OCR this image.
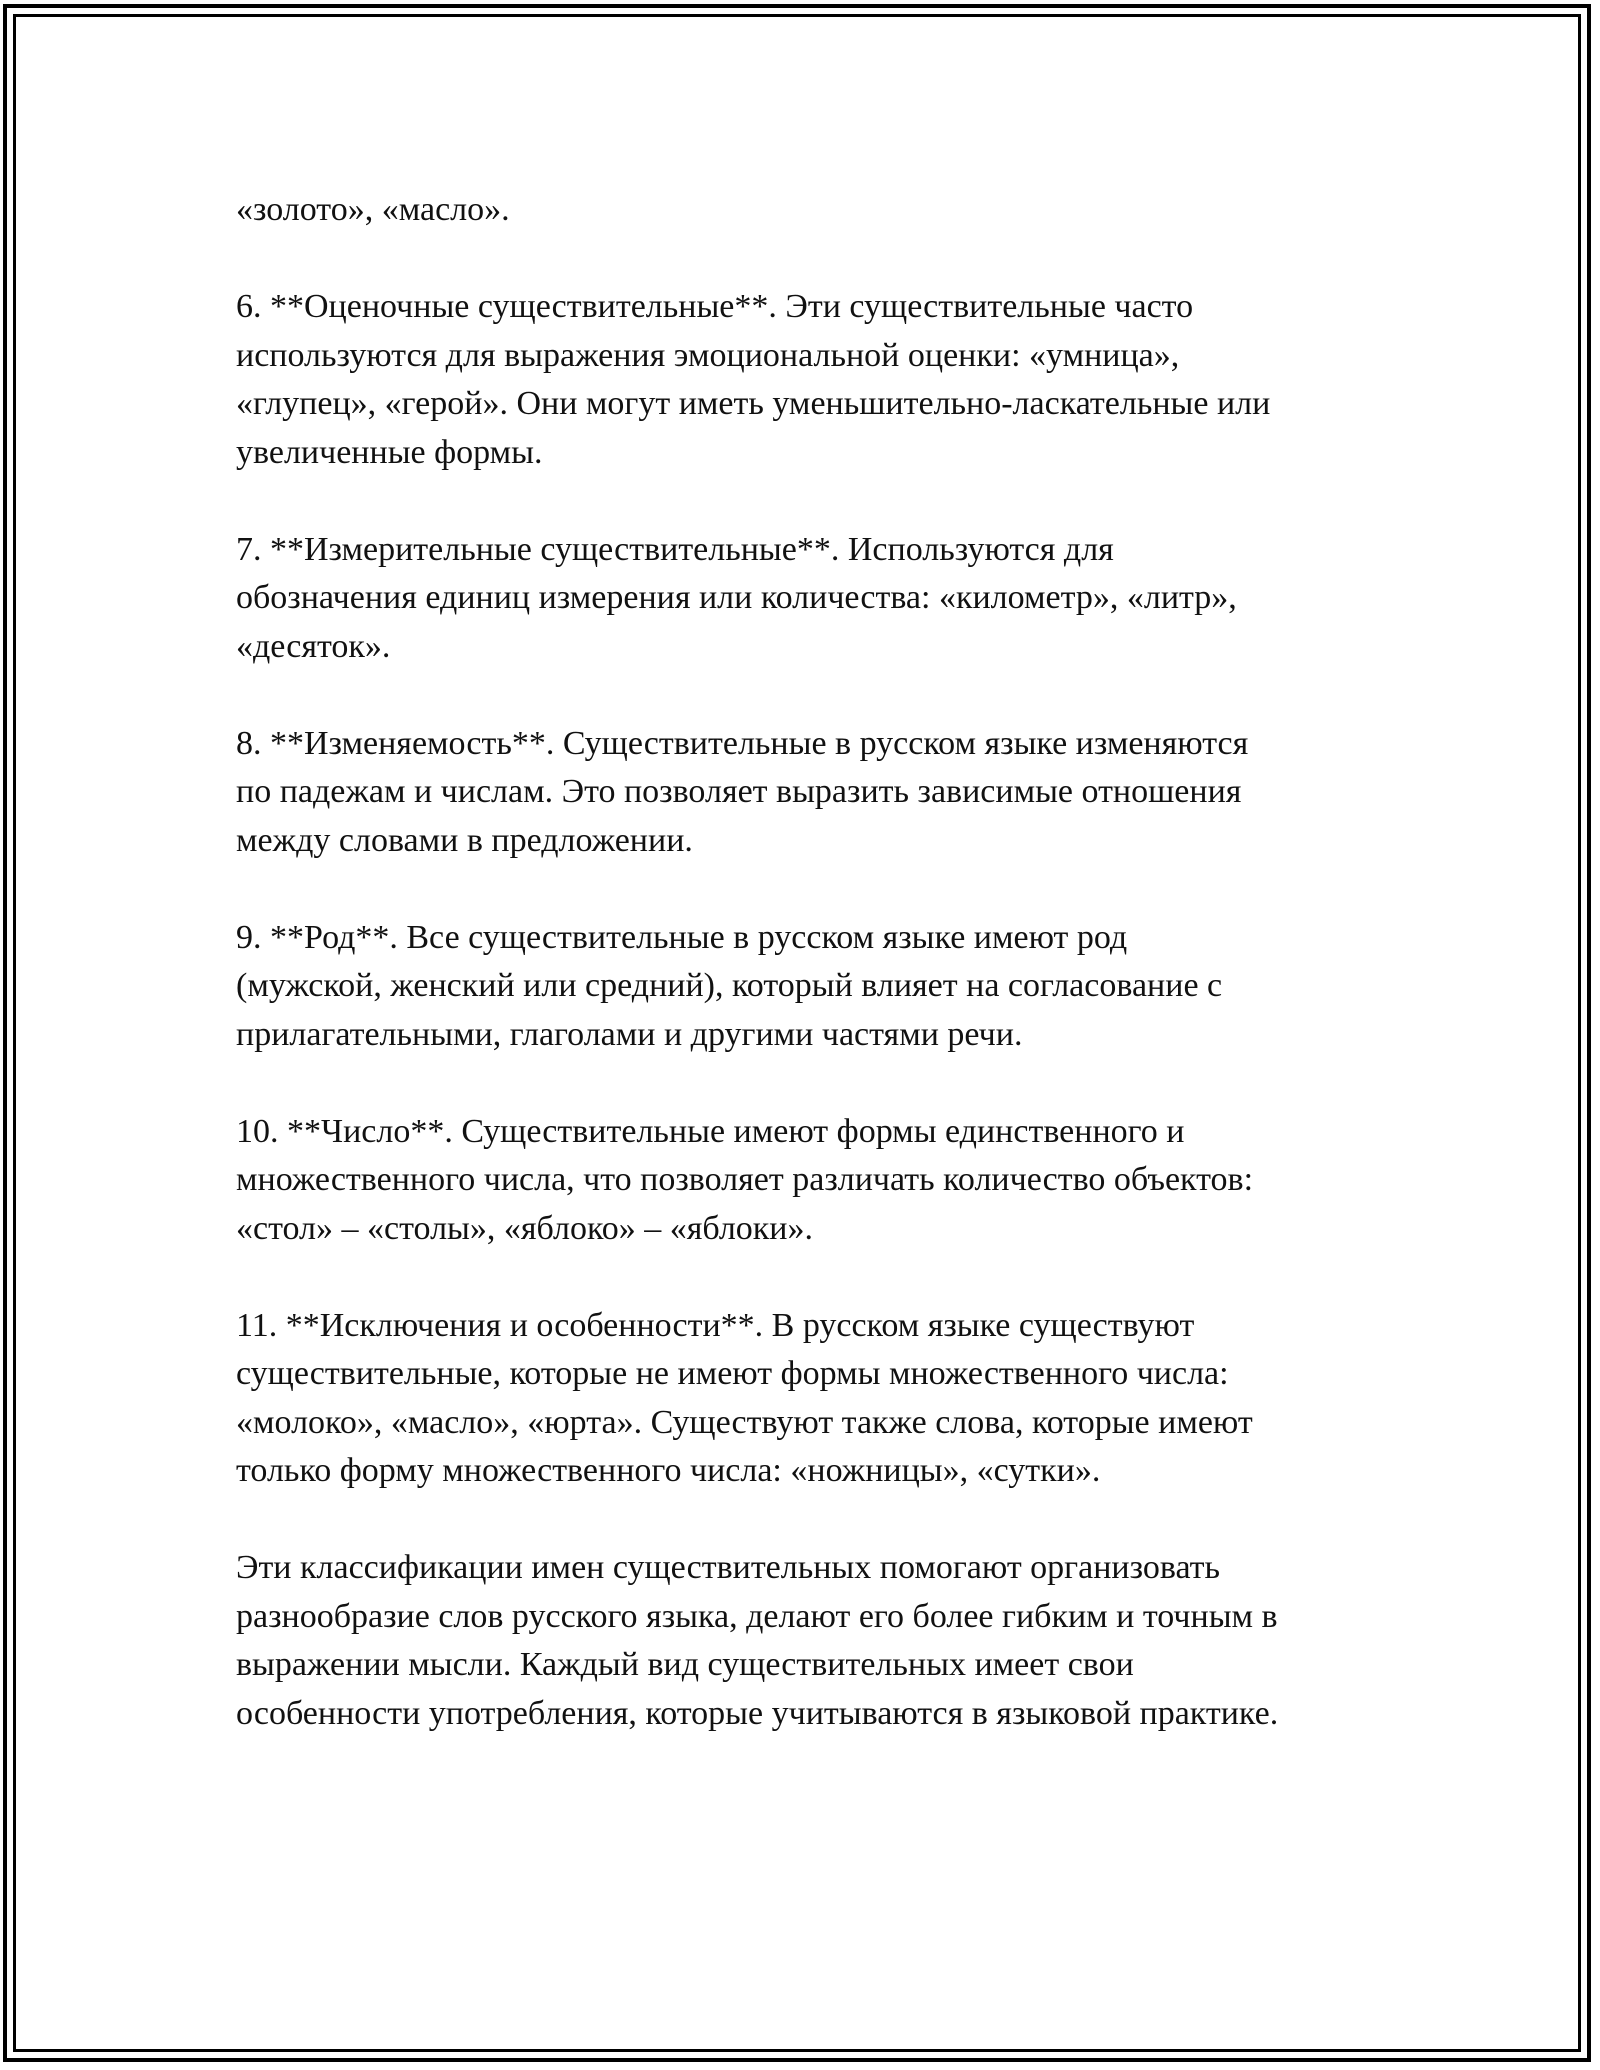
«золото», «масло».

6. **Оценочные существительные**. Эти существительные часто
используются для выражения эмоциональной оценки: «умница»,
«глупец», «герой». Они могут иметь уменьшительно-ласкательные или
увеличенные формы.

7. **Измерительные существительные**. Используются для
обозначения единиц измерения или количества: «километр», «литр»,
«десяток».

8. **Изменяемость**. Существительные в русском языке изменяются
по падежам и числам. Это позволяет выразить зависимые отношения
между словами в предложении.

9. **Род**. Все существительные в русском языке имеют род
(мужской, женский или средний), который влияет на согласование с
прилагательными, глаголами и другими частями речи.

10. **Число**. Существительные имеют формы единственного и
множественного числа, что позволяет различать количество объектов:
«стол» – «столы», «яблоко» – «яблоки».

11. **Исключения и особенности**. В русском языке существуют
существительные, которые не имеют формы множественного числа:
«молоко», «масло», «юрта». Существуют также слова, которые имеют
только форму множественного числа: «ножницы», «сутки».

Эти классификации имен существительных помогают организовать
разнообразие слов русского языка, делают его более гибким и точным в
выражении мысли. Каждый вид существительных имеет свои
особенности употребления, которые учитываются в языковой практике.
